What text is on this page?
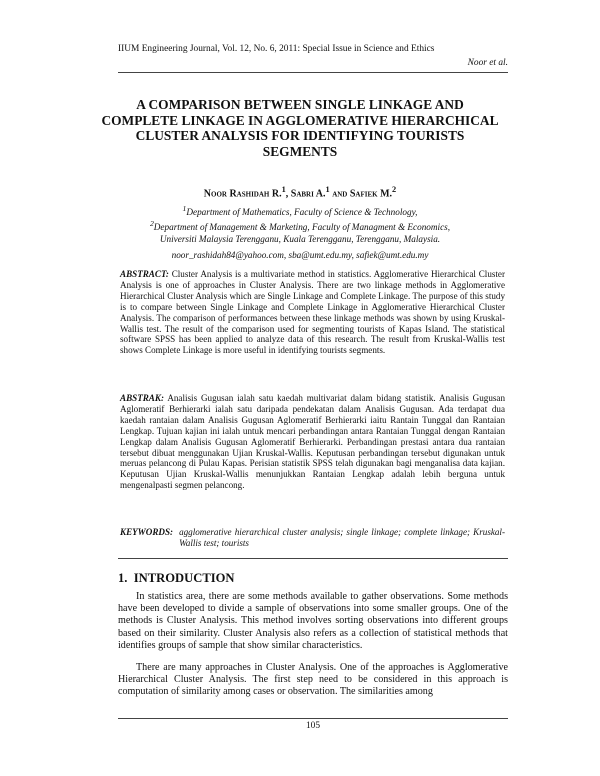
IIUM Engineering Journal, Vol. 12, No. 6, 2011: Special Issue in Science and Ethics
Noor et al.
A COMPARISON BETWEEN SINGLE LINKAGE AND COMPLETE LINKAGE IN AGGLOMERATIVE HIERARCHICAL CLUSTER ANALYSIS FOR IDENTIFYING TOURISTS SEGMENTS
Noor Rashidah R.$^1$, Sabri A.$^1$ and Safiek M.$^2$
$^1$Department of Mathematics, Faculty of Science & Technology,
$^2$Department of Management & Marketing, Faculty of Managment & Economics,
Universiti Malaysia Terengganu, Kuala Terengganu, Terengganu, Malaysia.
noor_rashidah84@yahoo.com, sba@umt.edu.my, safiek@umt.edu.my
ABSTRACT: Cluster Analysis is a multivariate method in statistics. Agglomerative Hierarchical Cluster Analysis is one of approaches in Cluster Analysis. There are two linkage methods in Agglomerative Hierarchical Cluster Analysis which are Single Linkage and Complete Linkage. The purpose of this study is to compare between Single Linkage and Complete Linkage in Agglomerative Hierarchical Cluster Analysis. The comparison of performances between these linkage methods was shown by using Kruskal-Wallis test. The result of the comparison used for segmenting tourists of Kapas Island. The statistical software SPSS has been applied to analyze data of this research. The result from Kruskal-Wallis test shows Complete Linkage is more useful in identifying tourists segments.
ABSTRAK: Analisis Gugusan ialah satu kaedah multivariat dalam bidang statistik. Analisis Gugusan Aglomeratif Berhierarki ialah satu daripada pendekatan dalam Analisis Gugusan. Ada terdapat dua kaedah rantaian dalam Analisis Gugusan Aglomeratif Berhierarki iaitu Rantain Tunggal dan Rantaian Lengkap. Tujuan kajian ini ialah untuk mencari perbandingan antara Rantaian Tunggal dengan Rantaian Lengkap dalam Analisis Gugusan Aglomeratif Berhierarki. Perbandingan prestasi antara dua rantaian tersebut dibuat menggunakan Ujian Kruskal-Wallis. Keputusan perbandingan tersebut digunakan untuk meruas pelancong di Pulau Kapas. Perisian statistik SPSS telah digunakan bagi menganalisa data kajian. Keputusan Ujian Kruskal-Wallis menunjukkan Rantaian Lengkap adalah lebih berguna untuk mengenalpasti segmen pelancong.
KEYWORDS: agglomerative hierarchical cluster analysis; single linkage; complete linkage; Kruskal-Wallis test; tourists
1.  INTRODUCTION
In statistics area, there are some methods available to gather observations. Some methods have been developed to divide a sample of observations into some smaller groups. One of the methods is Cluster Analysis. This method involves sorting observations into different groups based on their similarity. Cluster Analysis also refers as a collection of statistical methods that identifies groups of sample that show similar characteristics.
There are many approaches in Cluster Analysis. One of the approaches is Agglomerative Hierarchical Cluster Analysis. The first step need to be considered in this approach is computation of similarity among cases or observation. The similarities among
105
